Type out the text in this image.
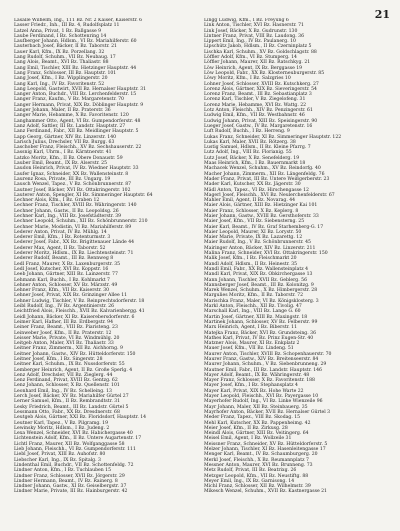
21

Lasalle Wilhelm, Ing., 111 Bz. Nr. 2 Kaiser, Kaiserstr. 6

Lasser Friedr., Inh., III Bz. 4, Rudolfsplatz 11

Latzel Anna, Privat, 1 Bz. Ballgasse 9

Laube Ferdinand, I Bz. Schottenring 14

Laufberger Johann, Hdlsm., VI Bz. Mariahilferstr. 60

Lauterbach Josef, Bäcker, II Bz. Taborstr. 21

Lauer Karl, Kfm., IX Bz. Porzellang. 32

Lang Rudolf, Schuhm., VII Bz. Neubaug. 17

Lang Alois, Beamt., XVI Bz. Thaliastr. 88

Lang Emil, Tischler, XIII Bz. Hietzinger Hauptstr. 44

Lang Franz, Schlosser, III Bz. Hauptstr. 101

Lang Josef, Kfm., I Bz. Wipplingerstr. 20

Lang Karl, Ing., IV Bz. Favoritenstr. 52

Lang Leopold, Gastwirt, XVII Bz. Hernalser Hauptstr. 31

Langer Anton, Buchdr., VIII Bz. Lerchenfelderstr. 15

Langer Franz, Kaufm., V Bz. Margaretenstr. 70

Langer Hermann, Privat, XIX Bz. Döblinger Hauptstr. 9

Langer Johann, Maler, II Bz. Praterstr. 36

Langer Marie, Hebamme, X Bz. Favoritenstr. 120

Langhammer Otto, Agent, VI Bz. Gumpendorferstr. 48

Lanz Adolf, Sattler, III Bz. Landstr. Hauptstr. 27

Lanz Ferdinand, Fabr., XII Bz. Meidlinger Hauptstr. 5

Lapp Georg, Gärtner, XIV Bz. Linzerstr. 140

Larisch Julius, Drechsler, VII Bz. Burgg. 63

Laschober Franz, Fleischh., XV Bz. Sechshauserstr. 22

Lassnig Karl, Uhrm., I Bz. Kärntnerstr. 41

Latzko Moritz, Kfm., II Bz. Obere Donaustr. 59

Lauber Emil, Beamt., IX Bz. Alserstr. 25

Laudon Heinrich, Privat, IV Bz. Wiedner Hauptstr. 33

Laufer Ignaz, Schneider, XX Bz. Wallensteinstr. 8

Laurenz Rosa, Private, III Bz. Ungarg. 19

Lausch Wenzel, Tapez., V Bz. Schönbrunnerstr. 87

Lautner Josef, Bäcker, XVI Bz. Ottakringerstr. 102

Lauterer Anton, Spengler, XI Bz. Simmeringer Hauptstr. 64

Lechner Alois, Kfm., I Bz. Graben 12

Lechner Franz, Tischler, XVIII Bz. Währingerstr. 140

Lechner Johann, Gastw., II Bz. Leopoldsg. 26

Lechner Karl, Ing., VIII Bz. Josefstädterstr. 39

Lechner Leopold, Schuhm., XII Bz. Schönbrunnerstr. 210

Lechner Marie, Modistin, VI Bz. Mariahilferstr. 89

Lederer Anton, Privat, IV Bz. Mühlg. 14

Lederer Emil, Kfm., I Bz. Rotenturmstr. 3

Lederer Josef, Fabr., XX Bz. Brigittenauer Lände 44

Lederer Max, Agent, II Bz. Taborstr. 52

Lederer Moritz, Hdlsm., IX Bz. Liechtensteinstr. 71

Lederer Rudolf, Beamt., III Bz. Rennweg 8

Ledl Franz, Maurer, X Bz. Laxenburgerstr. 35

Ledl Josef, Kutscher, XVI Bz. Koppstr. 16

Leeb Johann, Gärtner, XIII Bz. Lainzerstr. 77

Lehmann Karl, Buchh., I Bz. Kohlmarkt 7

Lehner Anton, Schlosser, XV Bz. Märzstr. 49

Lehner Franz, Kfm., VII Bz. Kaiserstr. 30

Lehner Josef, Privat, XIX Bz. Grinzinger Allee 11

Lehner Ludwig, Tischler, V Bz. Reinprechtsdorferstr. 18

Leibl Rudolf, Ing., IV Bz. Argentinierstr. 26

Leichtfried Alois, Fleischh., XVII Bz. Kalvarienbergg. 41

Leidl Johann, Bäcker, XI Bz. Kaiserebersdorferstr. 6

Leimer Karl, Hafner, III Bz. Erdbergstr. 94

Leiner Franz, Beamt., VIII Bz. Piaristeng. 23

Leinweber Josef, Kfm., II Bz. Praterstr. 12

Leisser Marie, Private, VI Bz. Windmühlg. 20

Leitgeb Anton, Maler, XVI Bz. Thaliastr. 33

Leitner Franz, Zimmerm., XII Bz. Aichhorng. 9

Leitner Johann, Gastw., XIV Bz. Hütteldorferstr. 150

Leitner Josef, Kfm., I Bz. Singerstr. 28

Leitner Karl, Schuhm., IX Bz. Nussdorferstr. 55

Lemberger Heinrich, Agent, II Bz. Große Sperlg. 4

Lenz Adolf, Drechsler, VII Bz. Zieglerg. 44

Lenz Ferdinand, Privat, XVIII Bz. Gentzg. 62

Lenz Johann, Schlosser, X Bz. Quellenstr. 101

Leonhard Emil, Ing., IV Bz. Schelleing. 13

Lerch Josef, Bäcker, XV Bz. Mariahilfer Gürtel 27

Lerner Samuel, Kfm., II Bz. Rembrandtstr. 31

Lesky Friedrich, Beamt., III Bz. Landstr. Gürtel 5

Lessmann Otto, Fabr., XX Bz. Dresdnerstr. 68

Leutgeb Alois, Gärtner, XXI Bz. Floridsdorf, Hauptstr. 14

Leutner Karl, Tapez., V Bz. Pilgramg. 19

Lewinsky Moritz, Hdlsm., I Bz. Judeng. 2

Lexa Wenzel, Schneider, XVI Bz. Habichergasse 40

Lichtenstein Adolf, Kfm., II Bz. Untere Augartenstr. 17

Lichtl Franz, Maurer, XII Bz. Wolfganggasse 58

Lieb Johann, Fleischh., VI Bz. Gumpendorferstr. 111

Liebl Josef, Privat, XIII Bz. Auhofstr. 80

Liebscher Karl, Ing., IX Bz. Spitalg. 3

Lindenthal Emil, Buchdr., VII Bz. Schottenfeldg. 72

Lindner Anton, Kfm., I Bz. Tuchlauben 15

Lindner Franz, Schlosser, XVII Bz. Jörgerstr. 29

Lindner Hermann, Beamt., IV Bz. Rainerg. 8

Lindner Johann, Gastw., XI Bz. Geiselbergstr. 37

Lindner Marie, Private, III Bz. Hainburgerstr. 42

Lingg Ludwig, Kfm., I Bz. Freyung 6

Link Anton, Tischler, XVI Bz. Hasnerstr. 71

Link Josef, Bäcker, X Bz. Gudrunstr. 130

Lintner Franz, Privat, VIII Bz. Laudong. 36

Lippert Emil, Ing., IV Bz. Paulanerg. 10

Lipschütz Jakob, Hdlsm., II Bz. Czerninplatz 5

Lischka Karl, Schuhm., XV Bz. Goldschlagstr. 88

Löffler Adolf, Kfm., VI Bz. Stumperg. 14

Löffler Johann, Maurer, XII Bz. Ratschkyg. 21

Löw Heinrich, Agent, IX Bz. Berggasse 19

Löw Leopold, Fabr., XX Bz. Klosterneuburgerstr. 85

Löwy Moritz, Kfm., I Bz. Salzgries 10

Lohner Josef, Schlosser, XVIII Bz. Kutschkerg. 27

Lorenz Alois, Gärtner, XIX Bz. Sieveringerstr. 54

Lorenz Franz, Beamt., III Bz. Sebastianplatz 3

Lorenz Karl, Tischler, V Bz. Ziegelofeng. 31

Lorenz Marie, Hebamme, XVI Bz. Wattg. 22

Lotz Anton, Fleischh., XIV Bz. Penzingerstr. 61

Ludwig Emil, Kfm., VII Bz. Westbahnstr. 46

Ludwig Johann, Privat, XIII Bz. Speisingerstr. 90

Lueger Josef, Gastw., IV Bz. Margaretenstr. 16

Luft Rudolf, Buchh., I Bz. Herreng. 9

Lukas Franz, Schneider, XI Bz. Simmeringer Hauptstr. 122

Lukas Karl, Maler, XVII Bz. Rötzerg. 38

Lustig Samuel, Hdlsm., II Bz. Kleine Pfarrg. 7

Lutz Adolf, Ing., VIII Bz. Florianig. 55

Lutz Josef, Bäcker, X Bz. Senefelderg. 19

Maas Heinrich, Kfm., I Bz. Bauernmarkt 18

Machacek Wenzel, Schuhm., XV Bz. Reindorfg. 40

Macher Johann, Zimmerm., XII Bz. Längenfeldg. 76

Mader Franz, Privat, III Bz. Untere Weißgerberstr. 23

Mader Karl, Kutscher, XX Bz. Jägerstr. 30

Mädl Anton, Tapez., VI Bz. Hirschengasse 12

Magerl Josef, Fleischh., XVI Bz. Neulerchenfelderstr. 67

Mahler Emil, Agent, II Bz. Novarag. 44

Maier Alois, Gärtner, XIII Bz. Hietzinger Kai 101

Maier Franz, Schlosser, X Bz. Keplerg. 8

Maier Johann, Gastw., XVIII Bz. Gersthoferstr. 33

Maier Josef, Kfm., VII Bz. Siebensterng. 25

Maier Karl, Beamt., IV Bz. Graf Starhemberg-G. 17

Maier Leopold, Maurer, XI Bz. Lorystr. 50

Maier Marie, Private, IX Bz. Lazarettg. 12

Maier Rudolf, Ing., V Bz. Schönbrunnerstr. 45

Mairinger Anton, Bäcker, XIV Bz. Linzerstr. 211

Malina Franz, Schneider, XVI Bz. Ottakringerstr. 150

Malik Josef, Kfm., I Bz. Fleischmarkt 20

Mandl Adolf, Hdlsm., II Bz. Heinestr. 35

Mandl Emil, Fabr., XX Bz. Wallensteinplatz 4

Mandl Karl, Privat, XIX Bz. Obkirchergasse 13

Mann Johann, Tischler, XVII Bz. Geblerg. 56

Mannsberger Josef, Beamt., III Bz. Kolonitzg. 9

Marek Wenzel, Schuhm., X Bz. Himbergerstr. 28

Margulies Moritz, Kfm., II Bz. Taborstr. 72

Marischka Franz, Maler, VI Bz. Königsklosterg. 3

Markl Anton, Fleischh., XII Bz. Tivolig. 47

Marschall Karl, Ing., VIII Bz. Lange G. 60

Martin Josef, Gärtner, XIII Bz. Maxingstr. 18

Martinek Johann, Schlosser, XV Bz. Felberstr. 99

Marx Heinrich, Agent, I Bz. Biberstr. 11

Matejka Franz, Bäcker, XVI Bz. Grundsteing. 36

Mathes Karl, Privat, IV Bz. Prinz Eugen-Str. 40

Matzner Alois, Maurer, XI Bz. Enkplatz 2

Mauer Josef, Kfm., VII Bz. Lindeng. 51

Maurer Anton, Tischler, XVIII Bz. Schopenhauerstr. 70

Maurer Franz, Gastw., XIV Bz. Breitenseerstr. 84

Maurer Johann, Schuhm., V Bz. Siebenbrunneng. 29

Mautner Emil, Fabr., III Bz. Landstr. Hauptstr. 146

Mayer Adolf, Beamt., IX Bz. Währingerstr. 48

Mayer Franz, Schlosser, X Bz. Favoritenstr. 188

Mayer Josef, Kfm., I Bz. Stephansplatz 4

Mayer Karl, Privat, XIX Bz. Hohe Warte 22

Mayer Leopold, Fleischh., XVI Bz. Payergasse 10

Mayerhofer Rudolf, Ing., VI Bz. Linke Wienzeile 96

Mayr Johann, Maler, XII Bz. Steinbauerg. 35

Mayrhofer Anton, Bäcker, XVII Bz. Hernalser Gürtel 3

Meder Franz, Tapez., VIII Bz. Skodag. 15

Mehl Karl, Kutscher, XX Bz. Pappenheimg. 42

Meier Josef, Kfm., II Bz. Zirkusg. 28

Meindl Alois, Gärtner, XIII Bz. Veitingerg. 64

Meisel Emil, Agent, I Bz. Wollzeile 31

Meissner Franz, Schneider, XV Bz. Hütteldorferstr. 5

Melzer Johann, Tischler, XI Bz. Hasenleitengasse 17

Menger Karl, Beamt., IV Bz. Schaumburgerg. 20

Merkl Josef, Fleischh., X Bz. Reumannplatz 7

Messner Anton, Maurer, XVI Bz. Brunneng. 73

Metz Rudolf, Privat, III Bz. Beatrixg. 26

Metzger Leopold, Kfm., VII Bz. Neustiftg. 88

Meyer Emil, Ing., IX Bz. Garnisong. 14

Michl Franz, Schlosser, XII Bz. Wilhelmstr. 39

Mikesch Wenzel, Schuhm., XVII Bz. Kastnergasse 21
